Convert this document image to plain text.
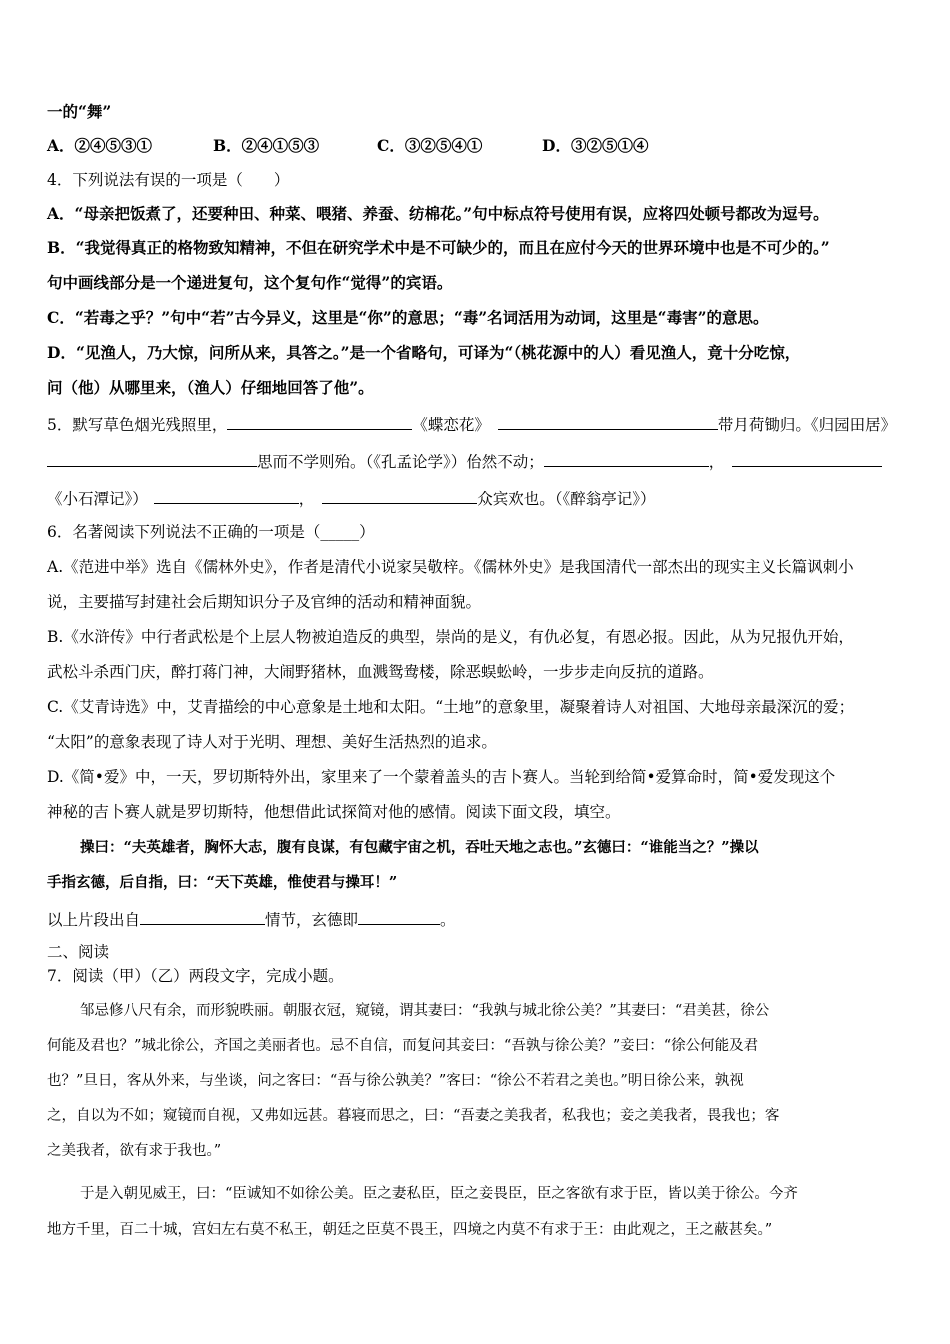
一的“舞”
A．②④⑤③①	B．②④①⑤③	C．③②⑤④①	D．③②⑤①④
4．下列说法有误的一项是（　　）
A．“母亲把饭煮了，还要种田、种菜、喂猪、养蚕、纺棉花。”句中标点符号使用有误，应将四处顿号都改为逗号。
B．“我觉得真正的格物致知精神，不但在研究学术中是不可缺少的，而且在应付今天的世界环境中也是不可少的。”
句中画线部分是一个递进复句，这个复句作“觉得”的宾语。
C．“若毒之乎？”句中“若”古今异义，这里是“你”的意思；“毒”名词活用为动词，这里是“毒害”的意思。
D．“见渔人，乃大惊，问所从来，具答之。”是一个省略句，可译为“（桃花源中的人）看见渔人，竟十分吃惊，
问（他）从哪里来，（渔人）仔细地回答了他”。
5．默写草色烟光残照里，	《蝶恋花》	带月荷锄归。《归园田居》
思而不学则殆。（《孔孟论学》）佁然不动；	，
《小石潭记》）	，	众宾欢也。（《醉翁亭记》）
6．名著阅读下列说法不正确的一项是（_____）
A.《范进中举》选自《儒林外史》，作者是清代小说家吴敬梓。《儒林外史》是我国清代一部杰出的现实主义长篇讽刺小
说，主要描写封建社会后期知识分子及官绅的活动和精神面貌。
B.《水浒传》中行者武松是个上层人物被迫造反的典型，崇尚的是义，有仇必复，有恩必报。因此，从为兄报仇开始，
武松斗杀西门庆，醉打蒋门神，大闹野猪林，血溅鸳鸯楼，除恶蜈蚣岭，一步步走向反抗的道路。
C.《艾青诗选》中，艾青描绘的中心意象是土地和太阳。“土地”的意象里，凝聚着诗人对祖国、大地母亲最深沉的爱；
“太阳”的意象表现了诗人对于光明、理想、美好生活热烈的追求。
D.《简•爱》中，一天，罗切斯特外出，家里来了一个蒙着盖头的吉卜赛人。当轮到给简•爱算命时，简•爱发现这个
神秘的吉卜赛人就是罗切斯特，他想借此试探简对他的感情。阅读下面文段，填空。
操曰：“夫英雄者，胸怀大志，腹有良谋，有包藏宇宙之机，吞吐天地之志也。”玄德曰：“谁能当之？”操以
手指玄德，后自指，曰：“天下英雄，惟使君与操耳！”
以上片段出自	情节，玄德即	。
二、阅读
7．阅读（甲）（乙）两段文字，完成小题。
邹忌修八尺有余，而形貌昳丽。朝服衣冠，窥镜，谓其妻曰：“我孰与城北徐公美？”其妻曰：“君美甚，徐公
何能及君也？”城北徐公，齐国之美丽者也。忌不自信，而复问其妾曰：“吾孰与徐公美？”妾曰：“徐公何能及君
也？”旦日，客从外来，与坐谈，问之客曰：“吾与徐公孰美？”客曰：“徐公不若君之美也。”明日徐公来，孰视
之，自以为不如；窥镜而自视，又弗如远甚。暮寝而思之，曰：“吾妻之美我者，私我也；妾之美我者，畏我也；客
之美我者，欲有求于我也。”
于是入朝见威王，曰：“臣诚知不如徐公美。臣之妻私臣，臣之妾畏臣，臣之客欲有求于臣，皆以美于徐公。今齐
地方千里，百二十城，宫妇左右莫不私王，朝廷之臣莫不畏王，四境之内莫不有求于王：由此观之，王之蔽甚矣。”
